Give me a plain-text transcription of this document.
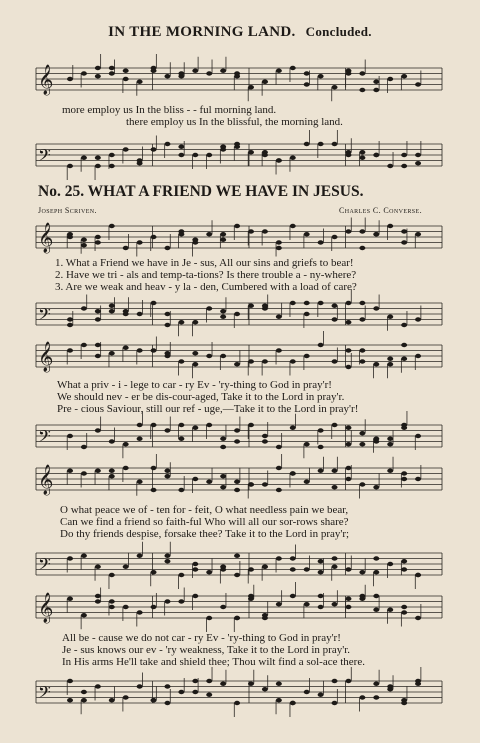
IN THE MORNING LAND. Concluded.
𝄞
more employ us In the bliss - - ful morning land.
there employ us In the blissful, the morning land.
𝄢
No. 25. WHAT A FRIEND WE HAVE IN JESUS.
Joseph Scriven.	Charles C. Converse.
𝄞
1. What a Friend we have in Je - sus, All our sins and griefs to bear!
2. Have we tri - als and temp-ta-tions? Is there trouble a - ny-where?
3. Are we weak and heav - y la - den, Cumbered with a load of care?
𝄢
𝄞
What a priv - i - lege to car - ry Ev - 'ry-thing to God in pray'r!
We should nev - er be dis-cour-aged, Take it to the Lord in pray'r.
Pre - cious Saviour, still our ref - uge,—Take it to the Lord in pray'r!
𝄢
𝄞
O what peace we of - ten for - feit, O what needless pain we bear,
Can we find a friend so faith-ful Who will all our sor-rows share?
Do thy friends despise, forsake thee? Take it to the Lord in pray'r;
𝄢
𝄞
All be - cause we do not car - ry Ev - 'ry-thing to God in pray'r!
Je - sus knows our ev - 'ry weakness, Take it to the Lord in pray'r.
In His arms He'll take and shield thee; Thou wilt find a sol-ace there.
𝄢
